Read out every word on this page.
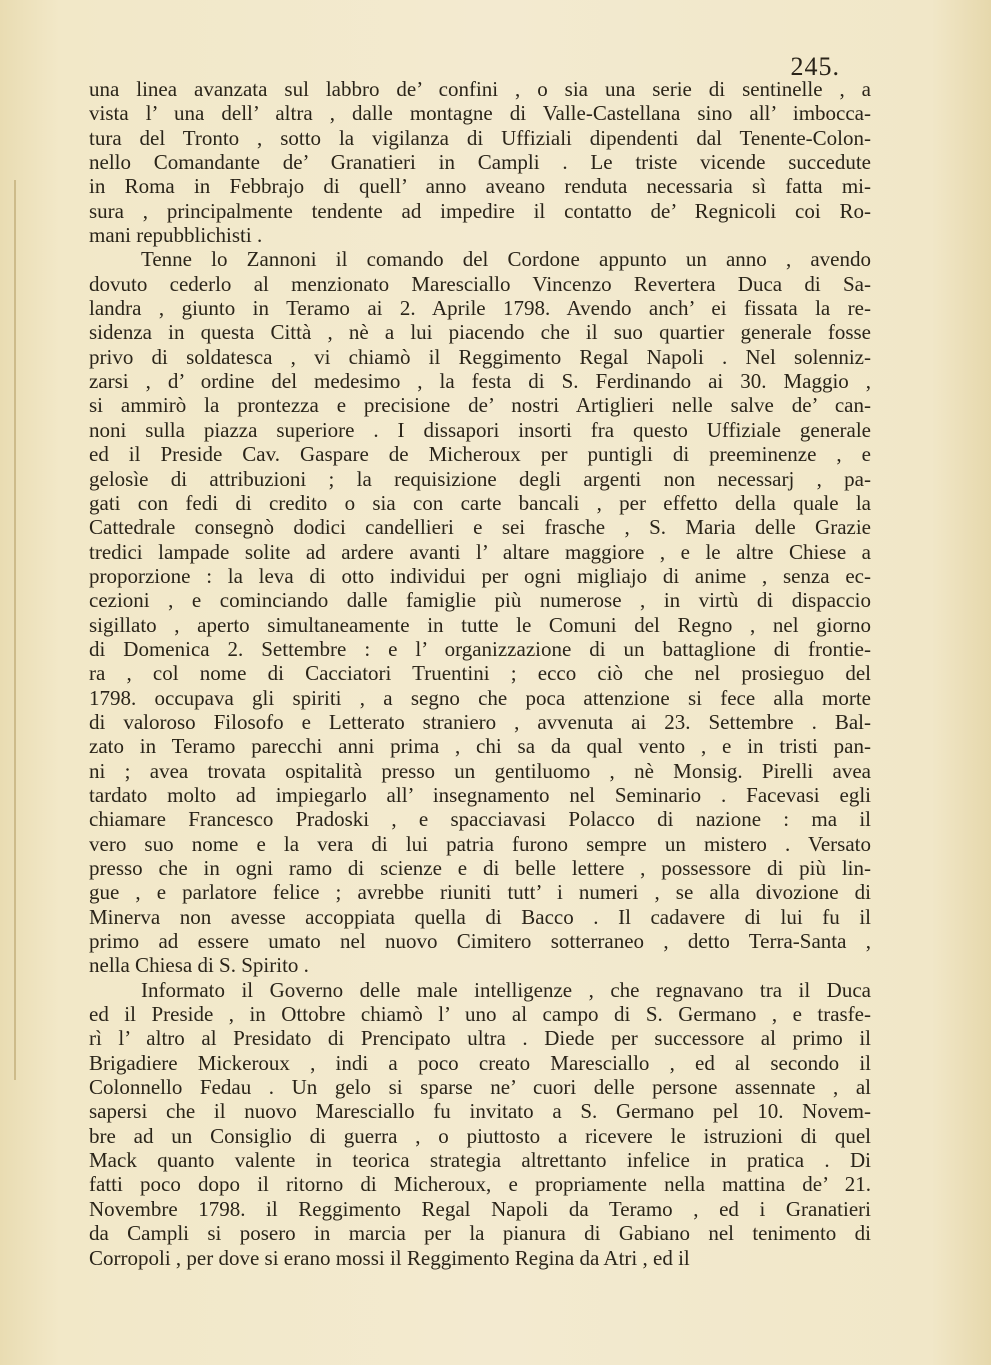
245.
una linea avanzata sul labbro de’ confini , o sia una serie di sentinelle , a
vista l’ una dell’ altra , dalle montagne di Valle-Castellana sino all’ imbocca-
tura del Tronto , sotto la vigilanza di Uffiziali dipendenti dal Tenente-Colon-
nello Comandante de’ Granatieri in Campli . Le triste vicende succedute
in Roma in Febbrajo di quell’ anno aveano renduta necessaria sì fatta mi-
sura , principalmente tendente ad impedire il contatto de’ Regnicoli coi Ro-
mani repubblichisti .
Tenne lo Zannoni il comando del Cordone appunto un anno , avendo
dovuto cederlo al menzionato Maresciallo Vincenzo Revertera Duca di Sa-
landra , giunto in Teramo ai 2. Aprile 1798. Avendo anch’ ei fissata la re-
sidenza in questa Città , nè a lui piacendo che il suo quartier generale fosse
privo di soldatesca , vi chiamò il Reggimento Regal Napoli . Nel solenniz-
zarsi , d’ ordine del medesimo , la festa di S. Ferdinando ai 30. Maggio ,
si ammirò la prontezza e precisione de’ nostri Artiglieri nelle salve de’ can-
noni sulla piazza superiore . I dissapori insorti fra questo Uffiziale generale
ed il Preside Cav. Gaspare de Micheroux per puntigli di preeminenze , e
gelosìe di attribuzioni ; la requisizione degli argenti non necessarj , pa-
gati con fedi di credito o sia con carte bancali , per effetto della quale la
Cattedrale consegnò dodici candellieri e sei frasche , S. Maria delle Grazie
tredici lampade solite ad ardere avanti l’ altare maggiore , e le altre Chiese a
proporzione : la leva di otto individui per ogni migliajo di anime , senza ec-
cezioni , e cominciando dalle famiglie più numerose , in virtù di dispaccio
sigillato , aperto simultaneamente in tutte le Comuni del Regno , nel giorno
di Domenica 2. Settembre : e l’ organizzazione di un battaglione di frontie-
ra , col nome di Cacciatori Truentini ; ecco ciò che nel prosieguo del
1798. occupava gli spiriti , a segno che poca attenzione si fece alla morte
di valoroso Filosofo e Letterato straniero , avvenuta ai 23. Settembre . Bal-
zato in Teramo parecchi anni prima , chi sa da qual vento , e in tristi pan-
ni ; avea trovata ospitalità presso un gentiluomo , nè Monsig. Pirelli avea
tardato molto ad impiegarlo all’ insegnamento nel Seminario . Facevasi egli
chiamare Francesco Pradoski , e spacciavasi Polacco di nazione : ma il
vero suo nome e la vera di lui patria furono sempre un mistero . Versato
presso che in ogni ramo di scienze e di belle lettere , possessore di più lin-
gue , e parlatore felice ; avrebbe riuniti tutt’ i numeri , se alla divozione di
Minerva non avesse accoppiata quella di Bacco . Il cadavere di lui fu il
primo ad essere umato nel nuovo Cimitero sotterraneo , detto Terra-Santa ,
nella Chiesa di S. Spirito .
Informato il Governo delle male intelligenze , che regnavano tra il Duca
ed il Preside , in Ottobre chiamò l’ uno al campo di S. Germano , e trasfe-
rì l’ altro al Presidato di Prencipato ultra . Diede per successore al primo il
Brigadiere Mickeroux , indi a poco creato Maresciallo , ed al secondo il
Colonnello Fedau . Un gelo si sparse ne’ cuori delle persone assennate , al
sapersi che il nuovo Maresciallo fu invitato a S. Germano pel 10. Novem-
bre ad un Consiglio di guerra , o piuttosto a ricevere le istruzioni di quel
Mack quanto valente in teorica strategia altrettanto infelice in pratica . Di
fatti poco dopo il ritorno di Micheroux, e propriamente nella mattina de’ 21.
Novembre 1798. il Reggimento Regal Napoli da Teramo , ed i Granatieri
da Campli si posero in marcia per la pianura di Gabiano nel tenimento di
Corropoli , per dove si erano mossi il Reggimento Regina da Atri , ed il
